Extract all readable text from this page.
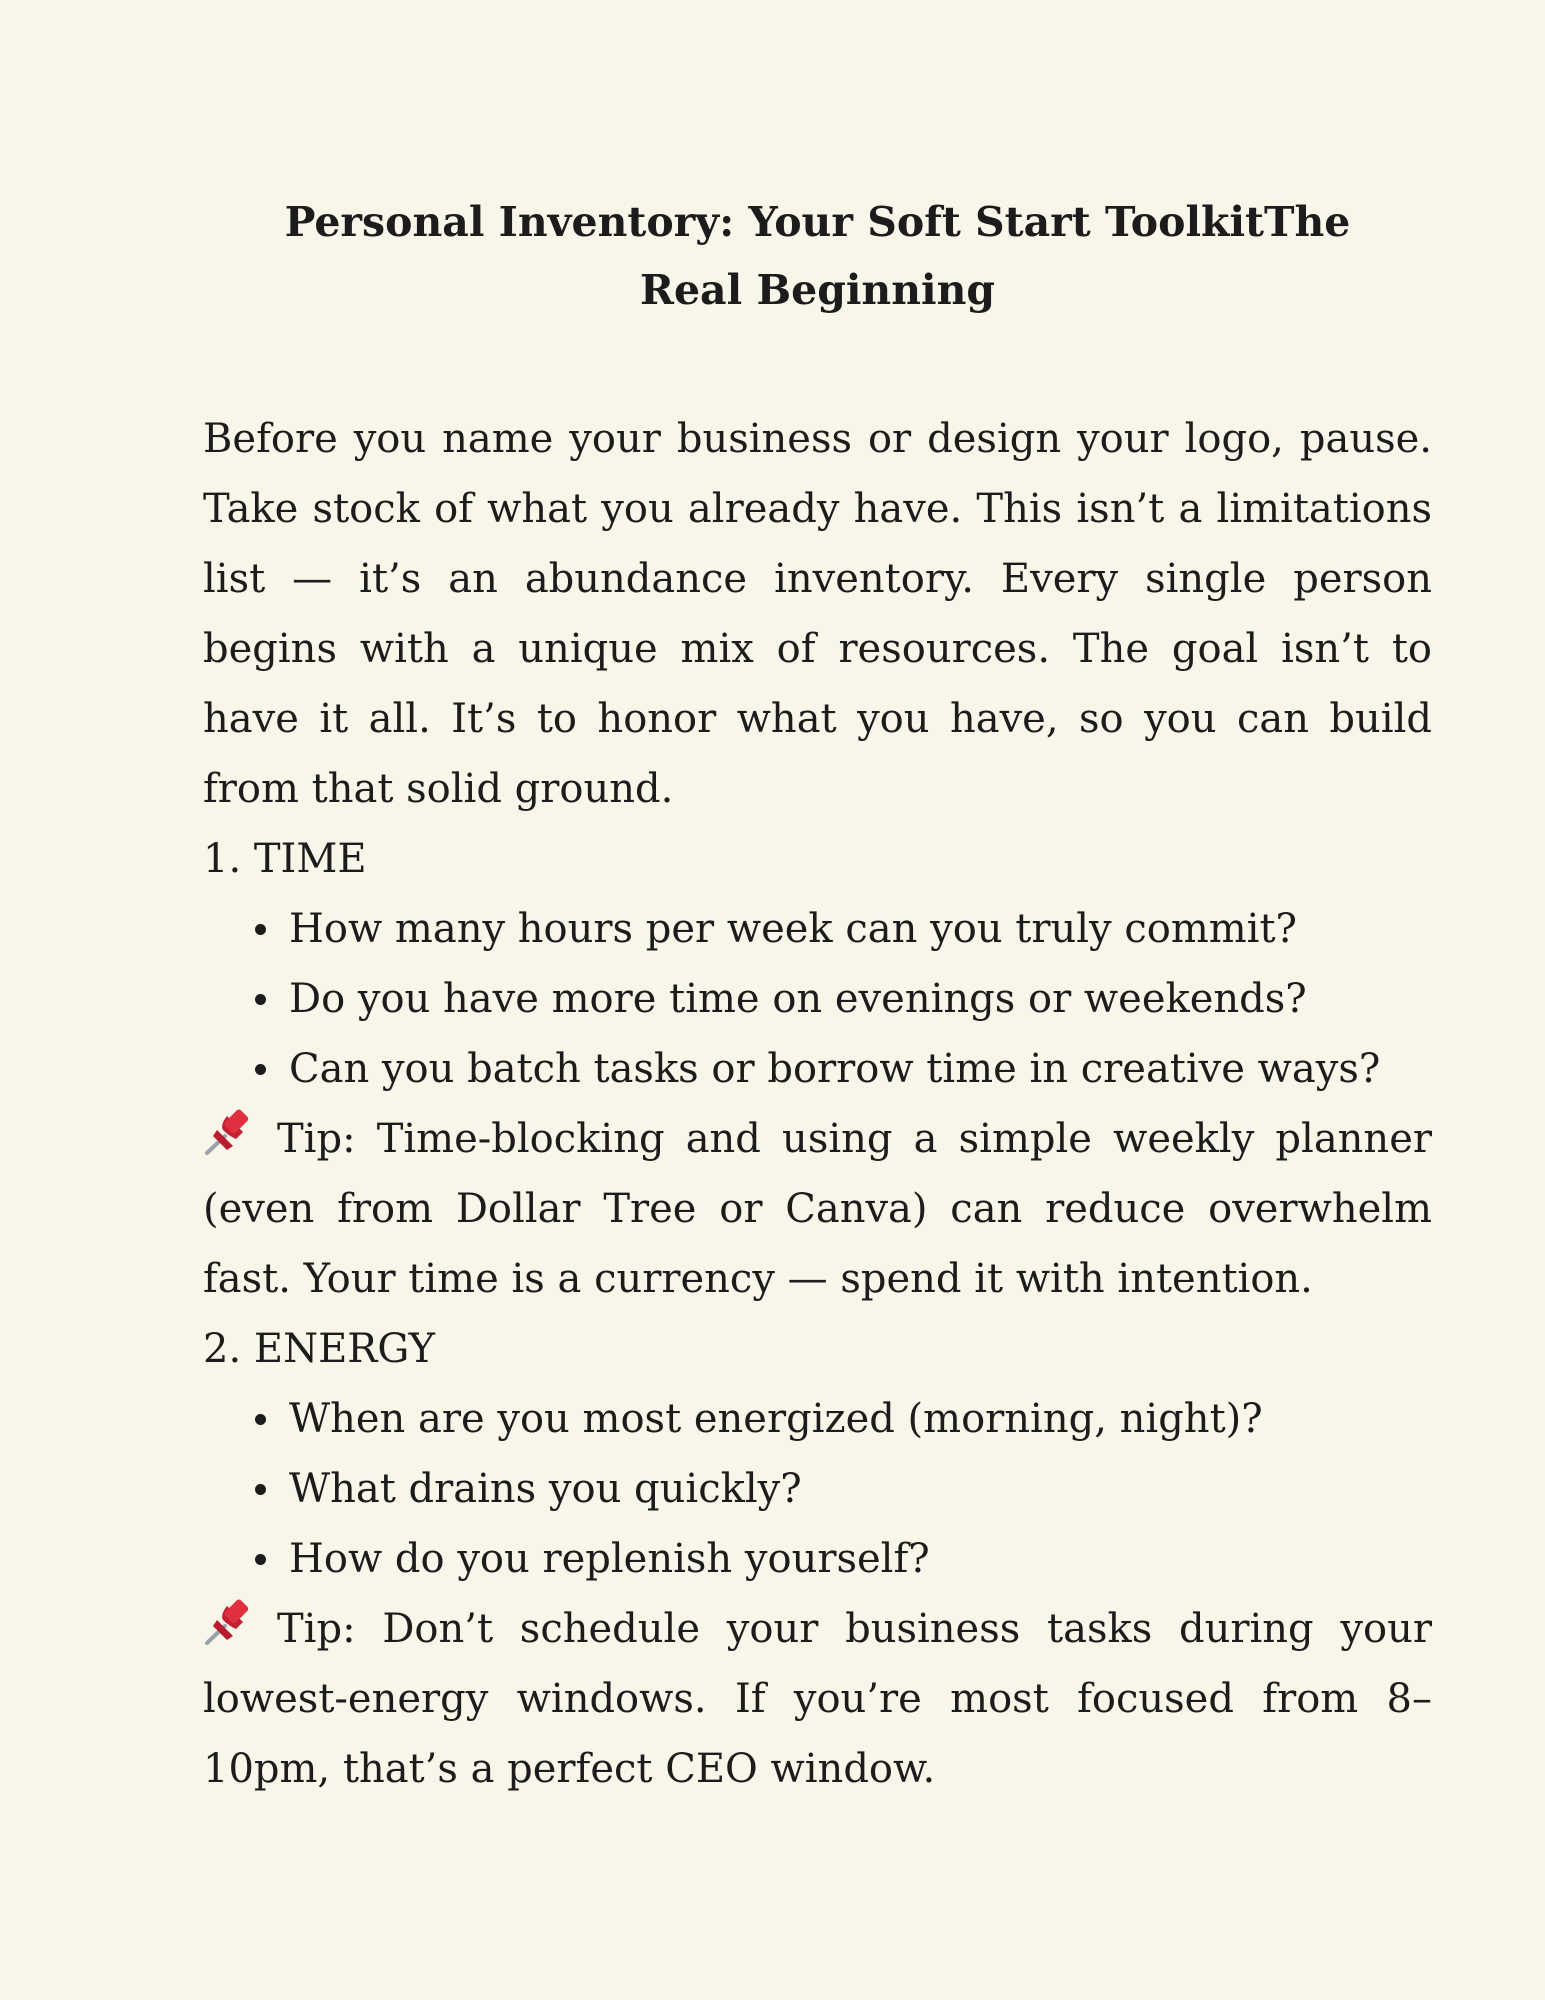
Personal Inventory: Your Soft Start ToolkitThe Real Beginning

Before you name your business or design your logo, pause. Take stock of what you already have. This isn’t a limitations list — it’s an abundance inventory. Every single person begins with a unique mix of resources. The goal isn’t to have it all. It’s to honor what you have, so you can build from that solid ground.

1. TIME

How many hours per week can you truly commit?
Do you have more time on evenings or weekends?
Can you batch tasks or borrow time in creative ways?

Tip: Time-blocking and using a simple weekly planner (even from Dollar Tree or Canva) can reduce overwhelm fast. Your time is a currency — spend it with intention.

2. ENERGY

When are you most energized (morning, night)?
What drains you quickly?
How do you replenish yourself?

Tip: Don’t schedule your business tasks during your lowest-energy windows. If you’re most focused from 8–10pm, that’s a perfect CEO window.
